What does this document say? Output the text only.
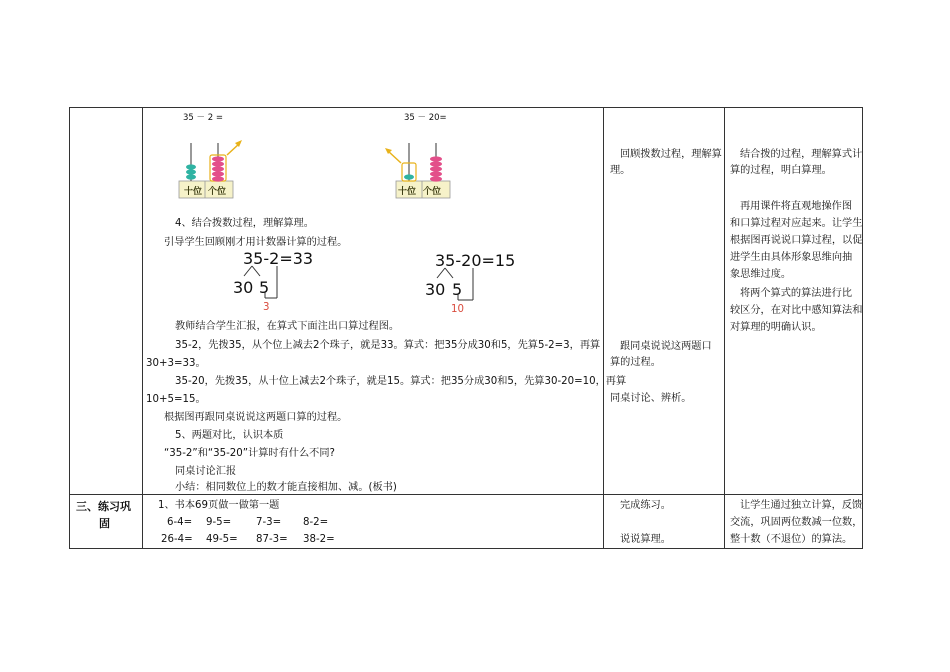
35 － 2 =	35 － 20=
十位 个位	十位 个位
4、结合拨数过程，理解算理。
引导学生回顾刚才用计数器计算的过程。
35-2=33
30 5
3
35-20=15
30 5
10
教师结合学生汇报，在算式下面注出口算过程图。
35-2，先拨35，从个位上减去2个珠子，就是33。算式：把35分成30和5，先算5-2=3，再算
30+3=33。
35-20，先拨35，从十位上减去2个珠子，就是15。算式：把35分成30和5，先算30-20=10，再算
10+5=15。
根据图再跟同桌说说这两题口算的过程。
5、两题对比，认识本质
“35-2”和“35-20”计算时有什么不同?
同桌讨论汇报
小结：相同数位上的数才能直接相加、减。(板书)
回顾拨数过程，理解算
理。
跟同桌说说这两题口
算的过程。
同桌讨论、辨析。
结合拨的过程，理解算式计
算的过程，明白算理。
再用课件将直观地操作图
和口算过程对应起来。让学生
根据图再说说口算过程，以促
进学生由具体形象思维向抽
象思维过度。
将两个算式的算法进行比
较区分，在对比中感知算法和
对算理的明确认识。
三、练习巩
固
1、书本69页做一做第一题
6-4= 9-5= 7-3= 8-2=
26-4= 49-5= 87-3= 38-2=
完成练习。
说说算理。
让学生通过独立计算，反馈
交流，巩固两位数减一位数，
整十数（不退位）的算法。
